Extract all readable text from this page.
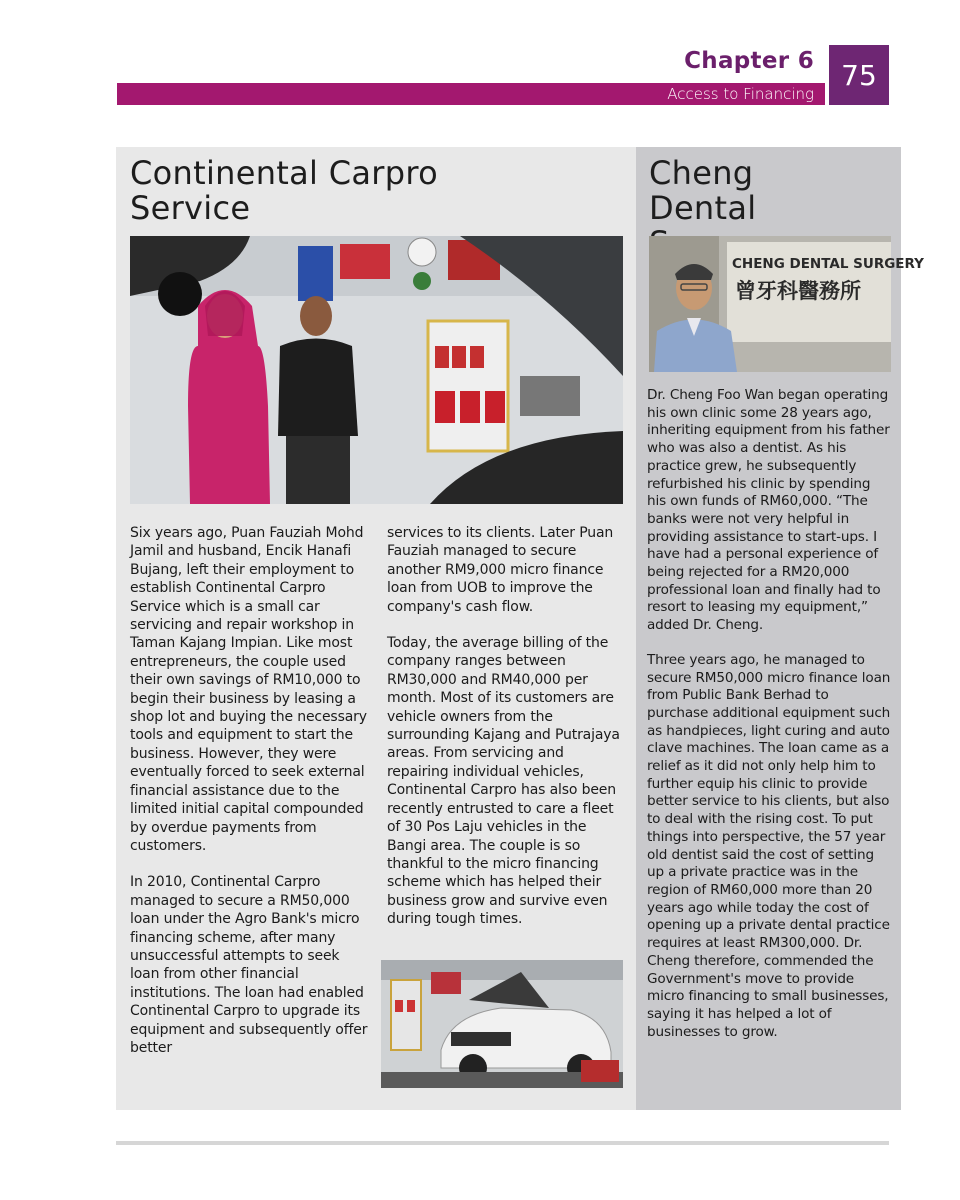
Chapter 6
Access to Financing
75
Continental Carpro
Service
Cheng
Dental
CHENG DENTAL SURGERY
曾牙科醫務所

Six years ago, Puan Fauziah Mohd Jamil and husband, Encik Hanafi Bujang, left their employment to establish Continental Carpro Service which is a small car servicing and repair workshop in Taman Kajang Impian. Like most entrepreneurs, the couple used their own savings of RM10,000 to begin their business by leasing a shop lot and buying the necessary tools and equipment to start the business. However, they were eventually forced to seek external financial assistance due to the limited initial capital compounded by overdue payments from customers.

In 2010, Continental Carpro managed to secure a RM50,000 loan under the Agro Bank's micro financing scheme, after many unsuccessful attempts to seek loan from other financial institutions. The loan had enabled Continental Carpro to upgrade its equipment and subsequently offer better

services to its clients. Later Puan Fauziah managed to secure another RM9,000 micro finance loan from UOB to improve the company's cash flow.

Today, the average billing of the company ranges between RM30,000 and RM40,000 per month. Most of its customers are vehicle owners from the surrounding Kajang and Putrajaya areas. From servicing and repairing individual vehicles, Continental Carpro has also been recently entrusted to care a fleet of 30 Pos Laju vehicles in the Bangi area. The couple is so thankful to the micro financing scheme which has helped their business grow and survive even during tough times.

Dr. Cheng Foo Wan began operating his own clinic some 28 years ago, inheriting equipment from his father who was also a dentist. As his practice grew, he subsequently refurbished his clinic by spending his own funds of RM60,000. “The banks were not very helpful in providing assistance to start-ups. I have had a personal experience of being rejected for a RM20,000 professional loan and finally had to resort to leasing my equipment,” added Dr. Cheng.

Three years ago, he managed to secure RM50,000 micro finance loan from Public Bank Berhad to purchase additional equipment such as handpieces, light curing and auto clave machines. The loan came as a relief as it did not only help him to further equip his clinic to provide better service to his clients, but also to deal with the rising cost. To put things into perspective, the 57 year old dentist said the cost of setting up a private practice was in the region of RM60,000 more than 20 years ago while today the cost of opening up a private dental practice requires at least RM300,000. Dr. Cheng therefore, commended the Government's move to provide micro financing to small businesses, saying it has helped a lot of businesses to grow.
